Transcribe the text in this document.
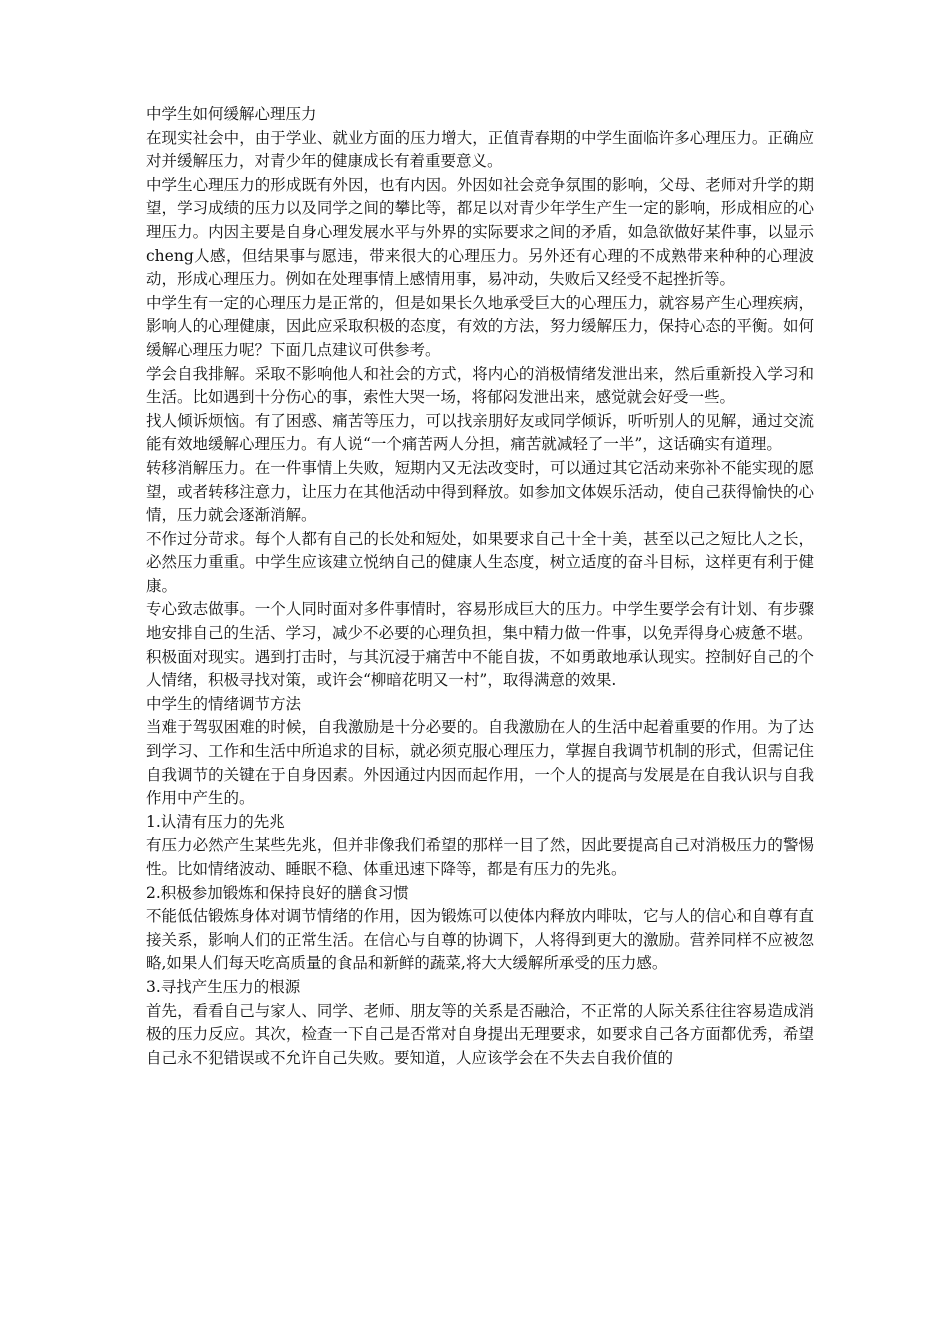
中学生如何缓解心理压力

在现实社会中，由于学业、就业方面的压力增大，正值青春期的中学生面临许多心理压力。正确应对并缓解压力，对青少年的健康成长有着重要意义。

中学生心理压力的形成既有外因，也有内因。外因如社会竞争氛围的影响，父母、老师对升学的期望，学习成绩的压力以及同学之间的攀比等，都足以对青少年学生产生一定的影响，形成相应的心理压力。内因主要是自身心理发展水平与外界的实际要求之间的矛盾，如急欲做好某件事，以显示cheng人感，但结果事与愿违，带来很大的心理压力。另外还有心理的不成熟带来种种的心理波动，形成心理压力。例如在处理事情上感情用事，易冲动，失败后又经受不起挫折等。

中学生有一定的心理压力是正常的，但是如果长久地承受巨大的心理压力，就容易产生心理疾病，影响人的心理健康，因此应采取积极的态度，有效的方法，努力缓解压力，保持心态的平衡。如何缓解心理压力呢？下面几点建议可供参考。

学会自我排解。采取不影响他人和社会的方式，将内心的消极情绪发泄出来，然后重新投入学习和生活。比如遇到十分伤心的事，索性大哭一场，将郁闷发泄出来，感觉就会好受一些。

找人倾诉烦恼。有了困惑、痛苦等压力，可以找亲朋好友或同学倾诉，听听别人的见解，通过交流能有效地缓解心理压力。有人说“一个痛苦两人分担，痛苦就减轻了一半”，这话确实有道理。

转移消解压力。在一件事情上失败，短期内又无法改变时，可以通过其它活动来弥补不能实现的愿望，或者转移注意力，让压力在其他活动中得到释放。如参加文体娱乐活动，使自己获得愉快的心情，压力就会逐渐消解。

不作过分苛求。每个人都有自己的长处和短处，如果要求自己十全十美，甚至以己之短比人之长，必然压力重重。中学生应该建立悦纳自己的健康人生态度，树立适度的奋斗目标，这样更有利于健康。

专心致志做事。一个人同时面对多件事情时，容易形成巨大的压力。中学生要学会有计划、有步骤地安排自己的生活、学习，减少不必要的心理负担，集中精力做一件事，以免弄得身心疲惫不堪。

积极面对现实。遇到打击时，与其沉浸于痛苦中不能自拔，不如勇敢地承认现实。控制好自己的个人情绪，积极寻找对策，或许会“柳暗花明又一村”，取得满意的效果.

中学生的情绪调节方法

当难于驾驭困难的时候，自我激励是十分必要的。自我激励在人的生活中起着重要的作用。为了达到学习、工作和生活中所追求的目标，就必须克服心理压力，掌握自我调节机制的形式，但需记住自我调节的关键在于自身因素。外因通过内因而起作用，一个人的提高与发展是在自我认识与自我作用中产生的。

1.认清有压力的先兆

有压力必然产生某些先兆，但并非像我们希望的那样一目了然，因此要提高自己对消极压力的警惕性。比如情绪波动、睡眠不稳、体重迅速下降等，都是有压力的先兆。

2.积极参加锻炼和保持良好的膳食习惯

不能低估锻炼身体对调节情绪的作用，因为锻炼可以使体内释放内啡呔，它与人的信心和自尊有直接关系，影响人们的正常生活。在信心与自尊的协调下，人将得到更大的激励。营养同样不应被忽略,如果人们每天吃高质量的食品和新鲜的蔬菜,将大大缓解所承受的压力感。

3.寻找产生压力的根源

首先，看看自己与家人、同学、老师、朋友等的关系是否融洽，不正常的人际关系往往容易造成消极的压力反应。其次，检查一下自己是否常对自身提出无理要求，如要求自己各方面都优秀，希望自己永不犯错误或不允许自己失败。要知道，人应该学会在不失去自我价值的
